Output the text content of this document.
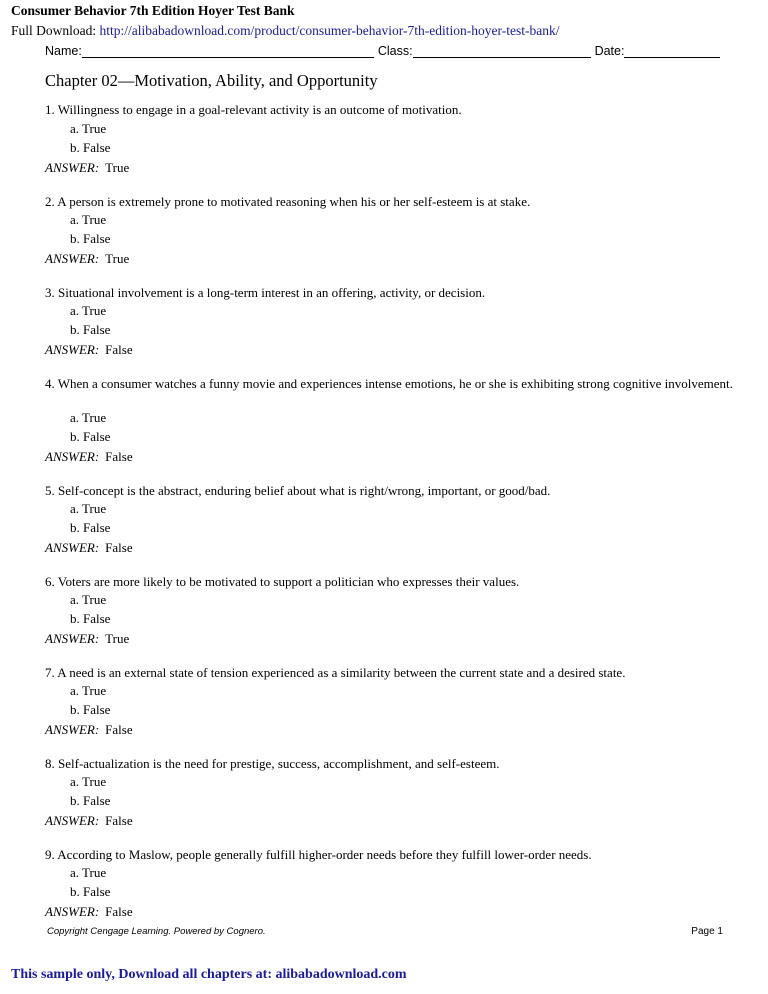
Consumer Behavior 7th Edition Hoyer Test Bank
Full Download: http://alibabadownload.com/product/consumer-behavior-7th-edition-hoyer-test-bank/
Name:	Class:	Date:
Chapter 02—Motivation, Ability, and Opportunity
1. Willingness to engage in a goal-relevant activity is an outcome of motivation.
a. True
b. False
ANSWER: True
2. A person is extremely prone to motivated reasoning when his or her self-esteem is at stake.
a. True
b. False
ANSWER: True
3. Situational involvement is a long-term interest in an offering, activity, or decision.
a. True
b. False
ANSWER: False
4. When a consumer watches a funny movie and experiences intense emotions, he or she is exhibiting strong cognitive involvement.
a. True
b. False
ANSWER: False
5. Self-concept is the abstract, enduring belief about what is right/wrong, important, or good/bad.
a. True
b. False
ANSWER: False
6. Voters are more likely to be motivated to support a politician who expresses their values.
a. True
b. False
ANSWER: True
7. A need is an external state of tension experienced as a similarity between the current state and a desired state.
a. True
b. False
ANSWER: False
8. Self-actualization is the need for prestige, success, accomplishment, and self-esteem.
a. True
b. False
ANSWER: False
9. According to Maslow, people generally fulfill higher-order needs before they fulfill lower-order needs.
a. True
b. False
ANSWER: False
Copyright Cengage Learning. Powered by Cognero.	Page 1
This sample only, Download all chapters at: alibabadownload.com
